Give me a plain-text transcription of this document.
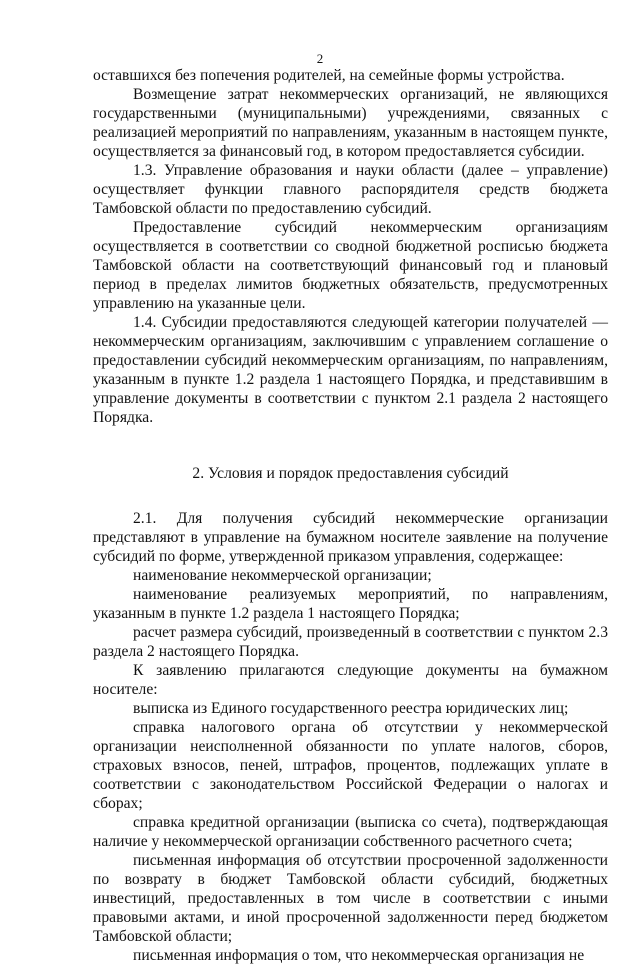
2

оставшихся без попечения родителей, на семейные формы устройства.

Возмещение затрат некоммерческих организаций, не являющихся государственными (муниципальными) учреждениями, связанных с реализацией мероприятий по направлениям, указанным в настоящем пункте, осуществляется за финансовый год, в котором предоставляется субсидии.

1.3. Управление образования и науки области (далее – управление) осуществляет функции главного распорядителя средств бюджета Тамбовской области по предоставлению субсидий.

Предоставление субсидий некоммерческим организациям осуществляется в соответствии со сводной бюджетной росписью бюджета Тамбовской области на соответствующий финансовый год и плановый период в пределах лимитов бюджетных обязательств, предусмотренных управлению на указанные цели.

1.4. Субсидии предоставляются следующей категории получателей — некоммерческим организациям, заключившим с управлением соглашение о предоставлении субсидий некоммерческим организациям, по направлениям, указанным в пункте 1.2 раздела 1 настоящего Порядка, и представившим в управление документы в соответствии с пунктом 2.1 раздела 2 настоящего Порядка.

2. Условия и порядок предоставления субсидий

2.1. Для получения субсидий некоммерческие организации представляют в управление на бумажном носителе заявление на получение субсидий по форме, утвержденной приказом управления, содержащее:

наименование некоммерческой организации;

наименование реализуемых мероприятий, по направлениям, указанным в пункте 1.2 раздела 1 настоящего Порядка;

расчет размера субсидий, произведенный в соответствии с пунктом 2.3 раздела 2 настоящего Порядка.

К заявлению прилагаются следующие документы на бумажном носителе:

выписка из Единого государственного реестра юридических лиц;

справка налогового органа об отсутствии у некоммерческой организации неисполненной обязанности по уплате налогов, сборов, страховых взносов, пеней, штрафов, процентов, подлежащих уплате в соответствии с законодательством Российской Федерации о налогах и сборах;

справка кредитной организации (выписка со счета), подтверждающая наличие у некоммерческой организации собственного расчетного счета;

письменная информация об отсутствии просроченной задолженности по возврату в бюджет Тамбовской области субсидий, бюджетных инвестиций, предоставленных в том числе в соответствии с иными правовыми актами, и иной просроченной задолженности перед бюджетом Тамбовской области;

письменная информация о том, что некоммерческая организация не
